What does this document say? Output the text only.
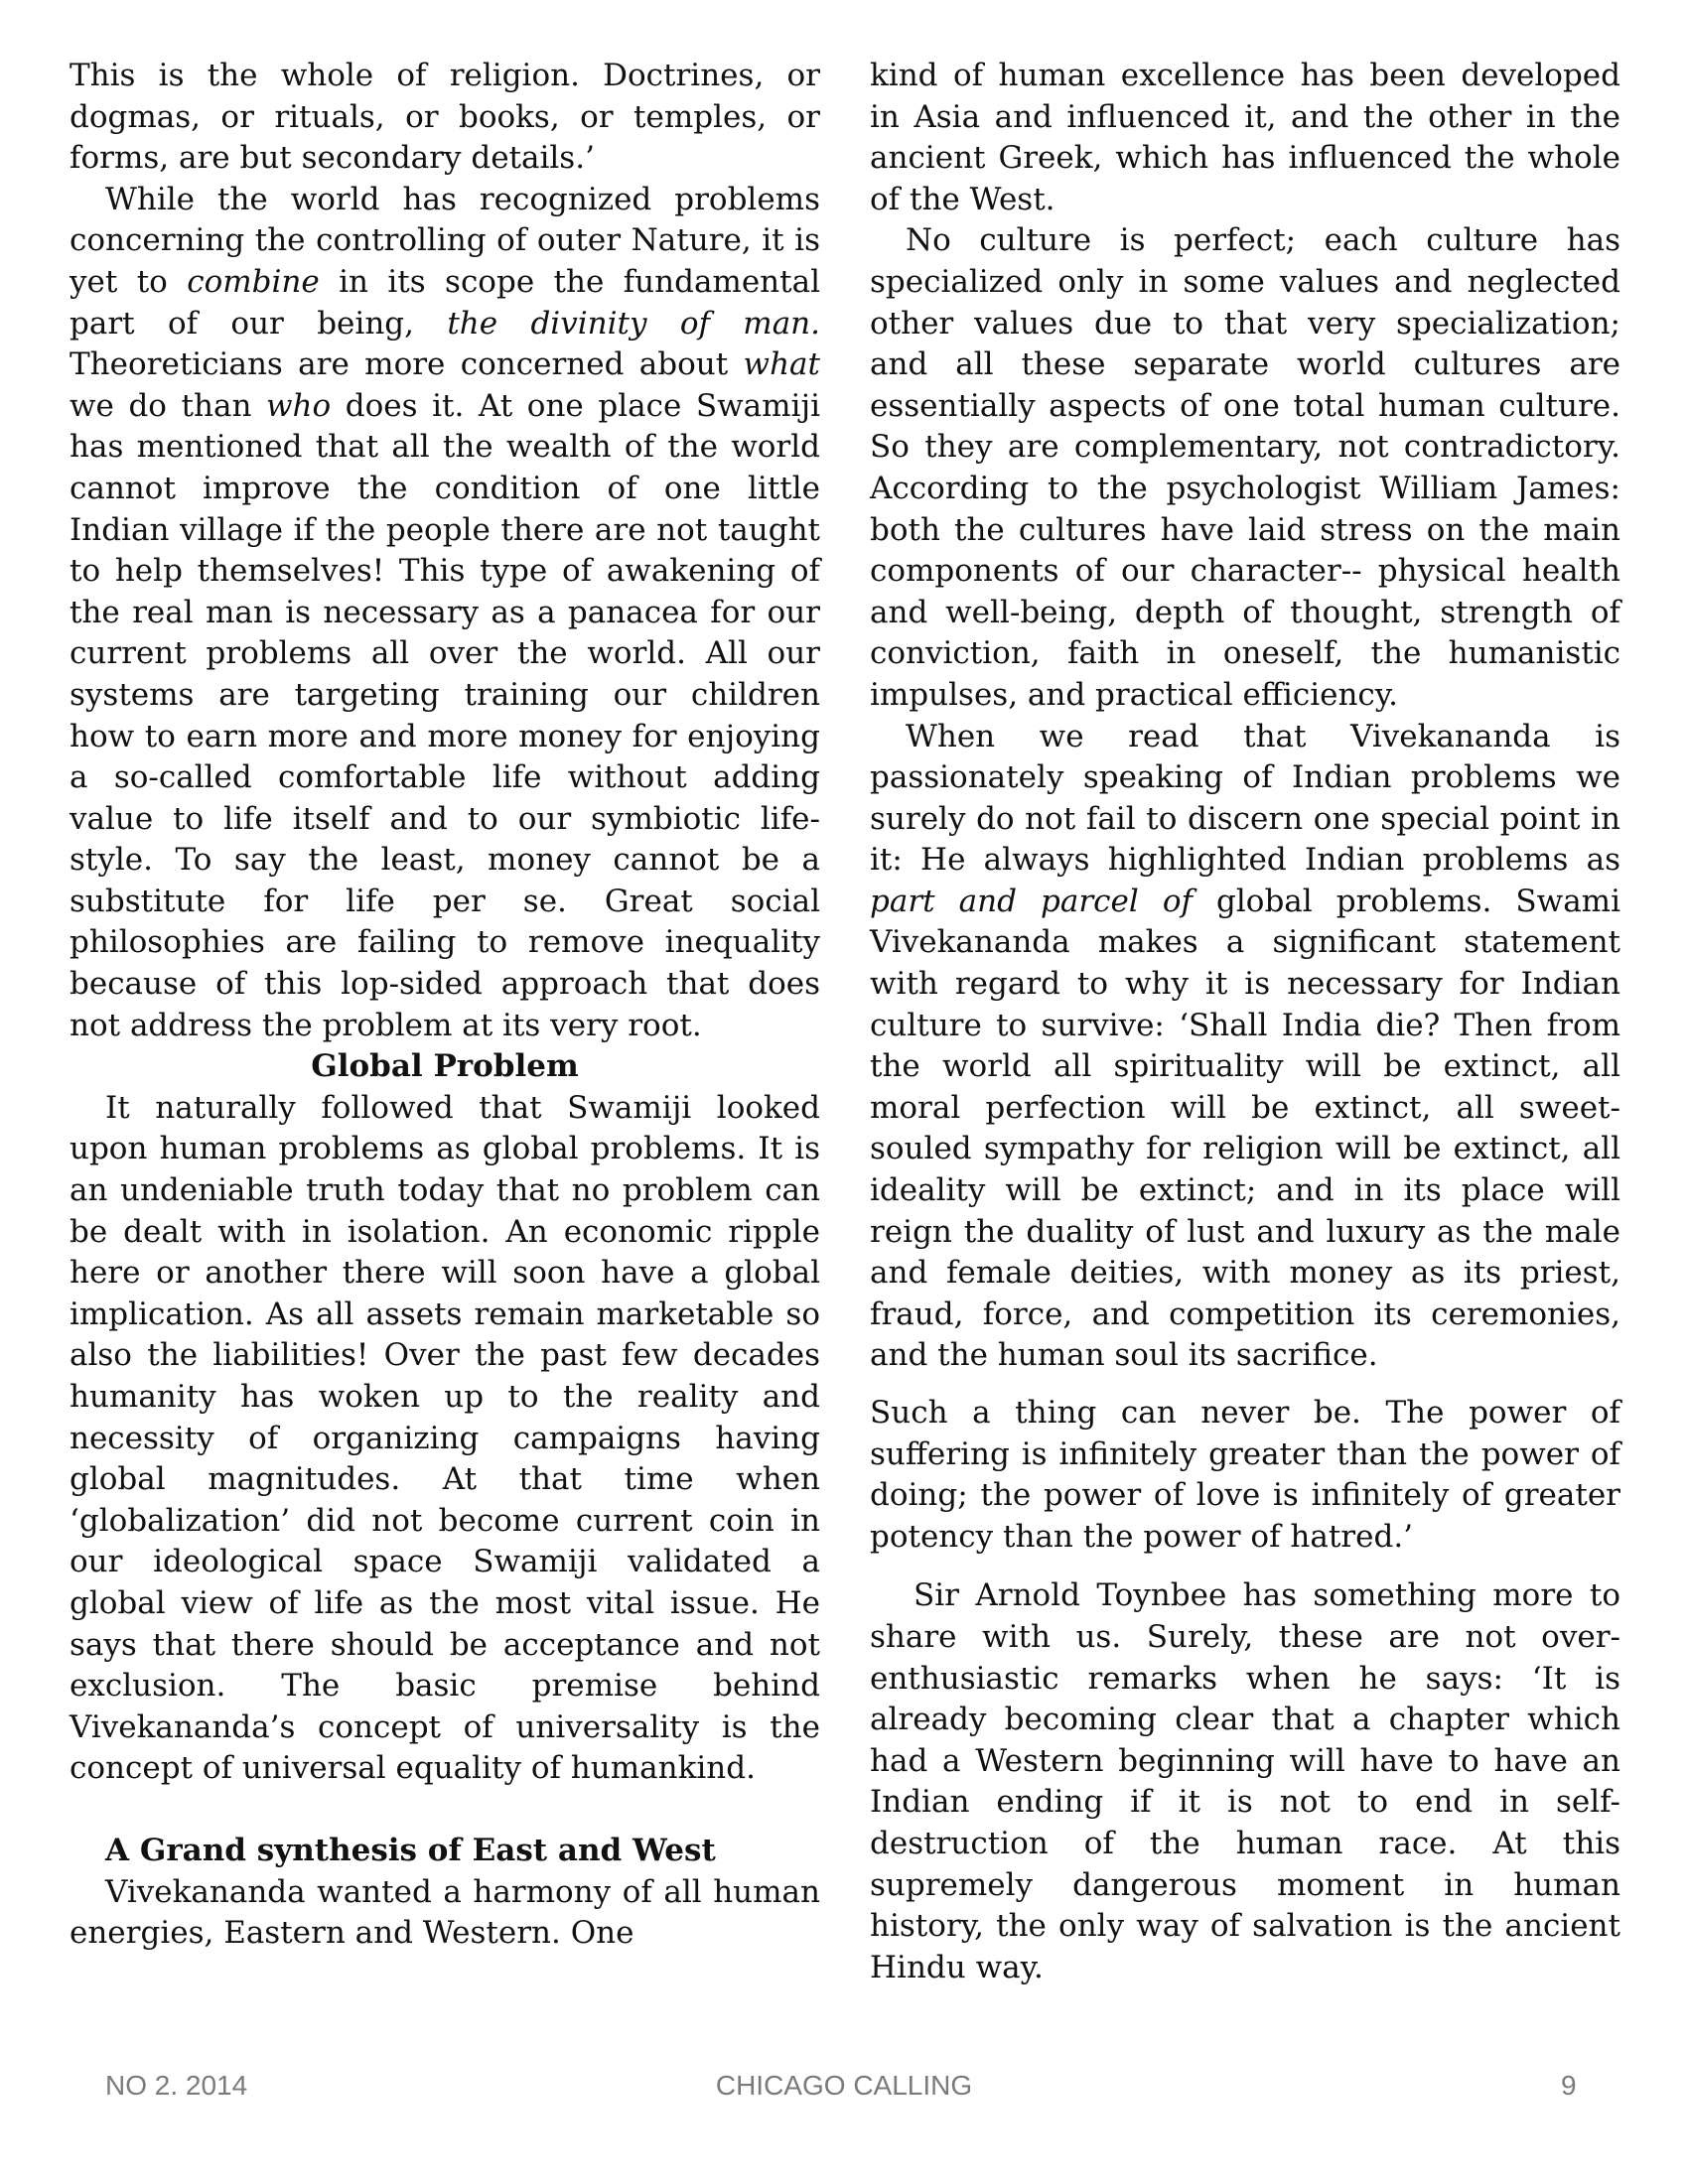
This is the whole of religion. Doctrines, or dogmas, or rituals, or books, or temples, or forms, are but secondary details.’

While the world has recognized problems concerning the controlling of outer Nature, it is yet to combine in its scope the fundamental part of our being, the divinity of man. Theoreticians are more concerned about what we do than who does it. At one place Swamiji has mentioned that all the wealth of the world cannot improve the condition of one little Indian village if the people there are not taught to help themselves! This type of awakening of the real man is necessary as a panacea for our current problems all over the world. All our systems are targeting training our children how to earn more and more money for enjoying a so-called comfortable life without adding value to life itself and to our symbiotic life-style. To say the least, money cannot be a substitute for life per se. Great social philosophies are failing to remove inequality because of this lop-sided approach that does not address the problem at its very root.

Global Problem

It naturally followed that Swamiji looked upon human problems as global problems. It is an undeniable truth today that no problem can be dealt with in isolation. An economic ripple here or another there will soon have a global implication. As all assets remain marketable so also the liabilities! Over the past few decades humanity has woken up to the reality and necessity of organizing campaigns having global magnitudes. At that time when ‘globalization’ did not become current coin in our ideological space Swamiji validated a global view of life as the most vital issue. He says that there should be acceptance and not exclusion. The basic premise behind Vivekananda’s concept of universality is the concept of universal equality of humankind.

A Grand synthesis of East and West

Vivekananda wanted a harmony of all human energies, Eastern and Western. One

kind of human excellence has been developed in Asia and influenced it, and the other in the ancient Greek, which has influenced the whole of the West.

No culture is perfect; each culture has specialized only in some values and neglected other values due to that very specialization; and all these separate world cultures are essentially aspects of one total human culture. So they are complementary, not contradictory. According to the psychologist William James: both the cultures have laid stress on the main components of our character-- physical health and well-being, depth of thought, strength of conviction, faith in oneself, the humanistic impulses, and practical efficiency.

When we read that Vivekananda is passionately speaking of Indian problems we surely do not fail to discern one special point in it: He always highlighted Indian problems as part and parcel of global problems. Swami Vivekananda makes a significant statement with regard to why it is necessary for Indian culture to survive: ‘Shall India die? Then from the world all spirituality will be extinct, all moral perfection will be extinct, all sweet-souled sympathy for religion will be extinct, all ideality will be extinct; and in its place will reign the duality of lust and luxury as the male and female deities, with money as its priest, fraud, force, and competition its ceremonies, and the human soul its sacrifice.

Such a thing can never be. The power of suffering is infinitely greater than the power of doing; the power of love is infinitely of greater potency than the power of hatred.’

Sir Arnold Toynbee has something more to share with us. Surely, these are not over-enthusiastic remarks when he says: ‘It is already becoming clear that a chapter which had a Western beginning will have to have an Indian ending if it is not to end in self-destruction of the human race. At this supremely dangerous moment in human history, the only way of salvation is the ancient Hindu way.

NO 2. 2014	CHICAGO CALLING	9
